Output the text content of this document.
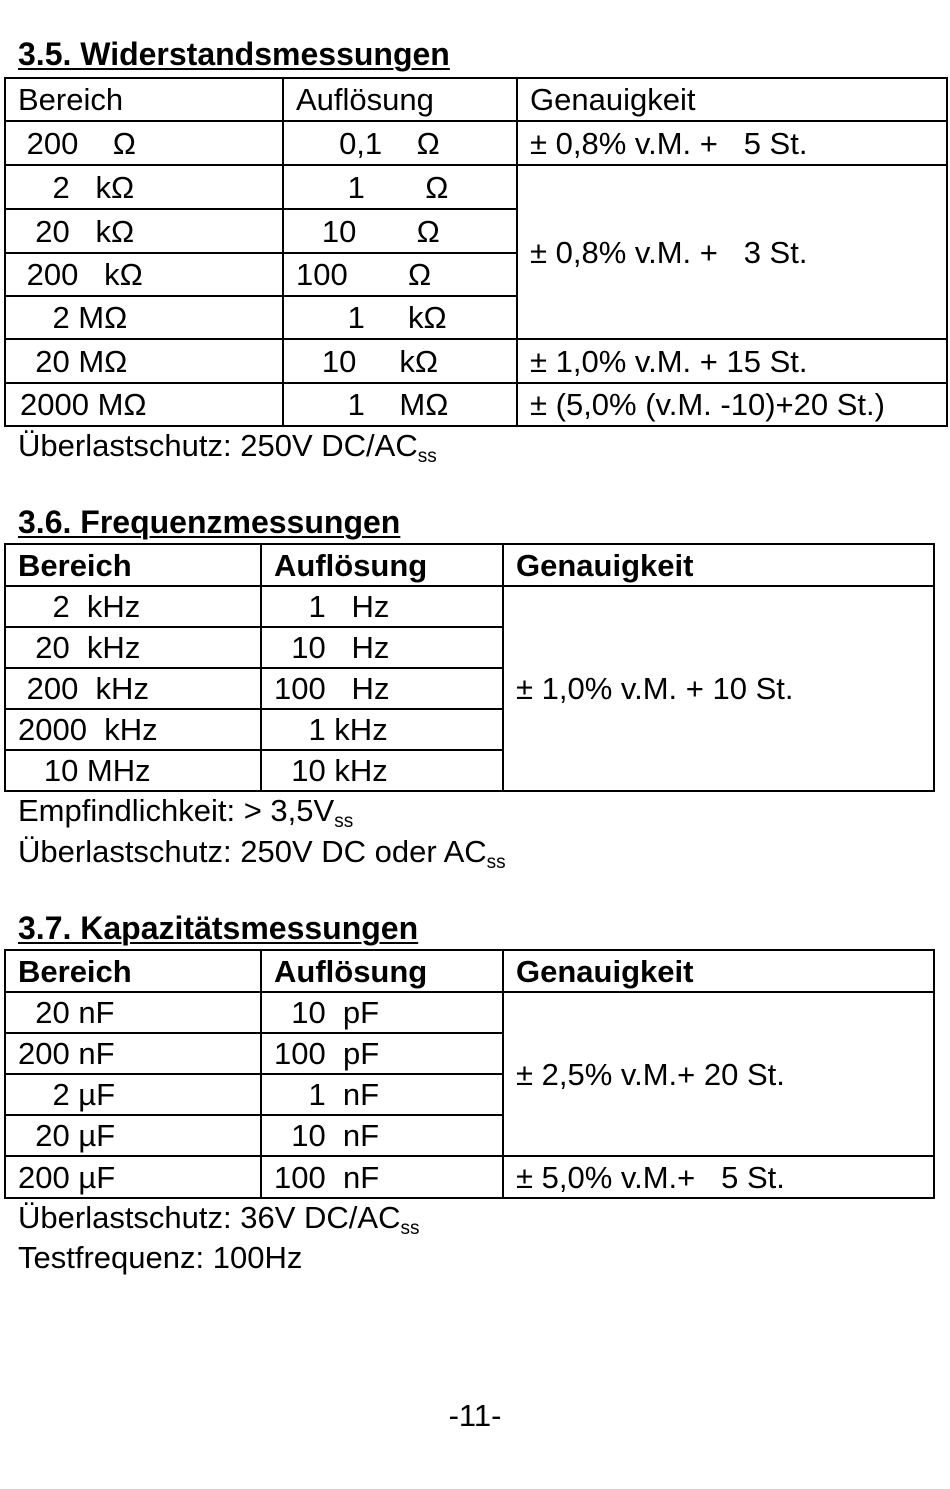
3.5. Widerstandsmessungen
Bereich	Auflösung	Genauigkeit
200    Ω	0,1    Ω	± 0,8% v.M. +   5 St.
2   kΩ	1       Ω	± 0,8% v.M. +   3 St.
20   kΩ	10       Ω	
200   kΩ	100       Ω	
2 MΩ	1     kΩ	
20 MΩ	10     kΩ	± 1,0% v.M. + 15 St.
2000 MΩ	1    MΩ	± (5,0% (v.M. -10)+20 St.)

Überlastschutz: 250V $DC/AC_{ss}$

3.6. Frequenzmessungen
Bereich	Auflösung	Genauigkeit
2  kHz	1   Hz	± 1,0% v.M. + 10 St.
20  kHz	10   Hz	
200  kHz	100   Hz	
2000  kHz	1 kHz	
10 MHz	10 kHz	

Empfindlichkeit: > $3,5V_{ss}$

Überlastschutz: 250V DC oder $AC_{ss}$

3.7. Kapazitätsmessungen
Bereich	Auflösung	Genauigkeit
20 nF	10  pF	± 2,5% v.M.+ 20 St.
200 nF	100  pF	
2 µF	1  nF	
20 µF	10  nF	
200 µF	100  nF	± 5,0% v.M.+   5 St.

Überlastschutz: 36V $DC/AC_{ss}$

Testfrequenz: 100Hz

-11-
